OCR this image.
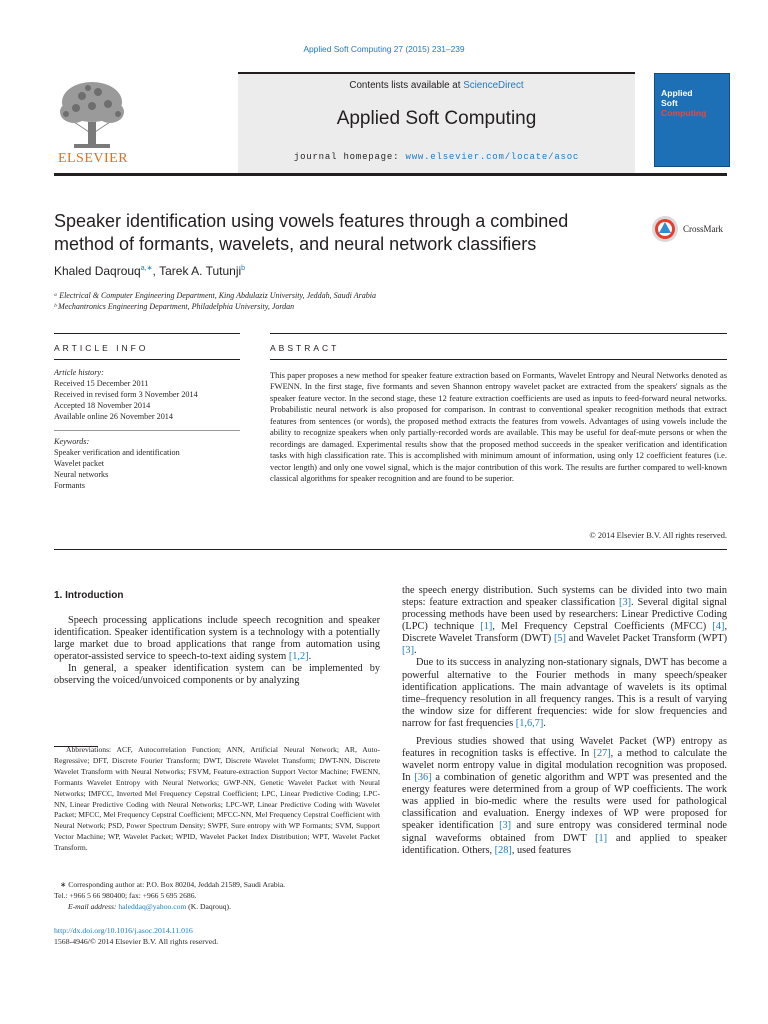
Applied Soft Computing 27 (2015) 231–239
ELSEVIER
Contents lists available at ScienceDirect
Applied Soft Computing
journal homepage: www.elsevier.com/locate/asoc
Applied
Soft
Computing
Speaker identification using vowels features through a combined
method of formants, wavelets, and neural network classifiers
CrossMark
Khaled Daqrouq$^{a,∗}$, Tarek A. Tutunji$^b$
ᵃ Electrical & Computer Engineering Department, King Abdulaziz University, Jeddah, Saudi Arabia
ᵇ Mechantronics Engineering Department, Philadelphia University, Jordan
ARTICLE INFO
Article history:
Received 15 December 2011
Received in revised form 3 November 2014
Accepted 18 November 2014
Available online 26 November 2014
Keywords:
Speaker verification and identification
Wavelet packet
Neural networks
Formants
ABSTRACT
This paper proposes a new method for speaker feature extraction based on Formants, Wavelet Entropy and Neural Networks denoted as FWENN. In the first stage, five formants and seven Shannon entropy wavelet packet are extracted from the speakers' signals as the speaker feature vector. In the second stage, these 12 feature extraction coefficients are used as inputs to feed-forward neural networks. Probabilistic neural network is also proposed for comparison. In contrast to conventional speaker recognition methods that extract features from sentences (or words), the proposed method extracts the features from vowels. Advantages of using vowels include the ability to recognize speakers when only partially-recorded words are available. This may be useful for deaf-mute persons or when the recordings are damaged. Experimental results show that the proposed method succeeds in the speaker verification and identification tasks with high classification rate. This is accomplished with minimum amount of information, using only 12 coefficient features (i.e. vector length) and only one vowel signal, which is the major contribution of this work. The results are further compared to well-known classical algorithms for speaker recognition and are found to be superior.
© 2014 Elsevier B.V. All rights reserved.
1. Introduction

Speech processing applications include speech recognition and speaker identification. Speaker identification system is a technology with a potentially large market due to broad applications that range from automation using operator-assisted service to speech-to-text aiding system [1,2].

In general, a speaker identification system can be implemented by observing the voiced/unvoiced components or by analyzing

Abbreviations: ACF, Autocorrelation Function; ANN, Artificial Neural Network; AR, Auto-Regressive; DFT, Discrete Fourier Transform; DWT, Discrete Wavelet Transform; DWT-NN, Discrete Wavelet Transform with Neural Networks; FSVM, Feature-extraction Support Vector Machine; FWENN, Formants Wavelet Entropy with Neural Networks; GWP-NN, Genetic Wavelet Packet with Neural Networks; IMFCC, Inverted Mel Frequency Cepstral Coefficient; LPC, Linear Predictive Coding; LPC-NN, Linear Predictive Coding with Neural Networks; LPC-WP, Linear Predictive Coding with Wavelet Packet; MFCC, Mel Frequency Cepstral Coefficient; MFCC-NN, Mel Frequency Cepstral Coefficient with Neural Network; PSD, Power Spectrum Density; SWPF, Sure entropy with WP Formants; SVM, Support Vector Machine; WP, Wavelet Packet; WPID, Wavelet Packet Index Distribution; WPT, Wavelet Packet Transform.
∗ Corresponding author at: P.O. Box 80204, Jeddah 21589, Saudi Arabia.
Tel.: +966 5 66 980400; fax: +966 5 695 2686.
E-mail address: haleddaq@yahoo.com (K. Daqrouq).
http://dx.doi.org/10.1016/j.asoc.2014.11.016
1568-4946/© 2014 Elsevier B.V. All rights reserved.

the speech energy distribution. Such systems can be divided into two main steps: feature extraction and speaker classification [3]. Several digital signal processing methods have been used by researchers: Linear Predictive Coding (LPC) technique [1], Mel Frequency Cepstral Coefficients (MFCC) [4], Discrete Wavelet Transform (DWT) [5] and Wavelet Packet Transform (WPT) [3].

Due to its success in analyzing non-stationary signals, DWT has become a powerful alternative to the Fourier methods in many speech/speaker identification applications. The main advantage of wavelets is its optimal time–frequency resolution in all frequency ranges. This is a result of varying the window size for different frequencies: wide for slow frequencies and narrow for fast frequencies [1,6,7].

Previous studies showed that using Wavelet Packet (WP) entropy as features in recognition tasks is effective. In [27], a method to calculate the wavelet norm entropy value in digital modulation recognition was proposed. In [36] a combination of genetic algorithm and WPT was presented and the energy features were determined from a group of WP coefficients. The work was applied in bio-medic where the results were used for pathological classification and evaluation. Energy indexes of WP were proposed for speaker identification [3] and sure entropy was considered terminal node signal waveforms obtained from DWT [1] and applied to speaker identification. Others, [28], used features
